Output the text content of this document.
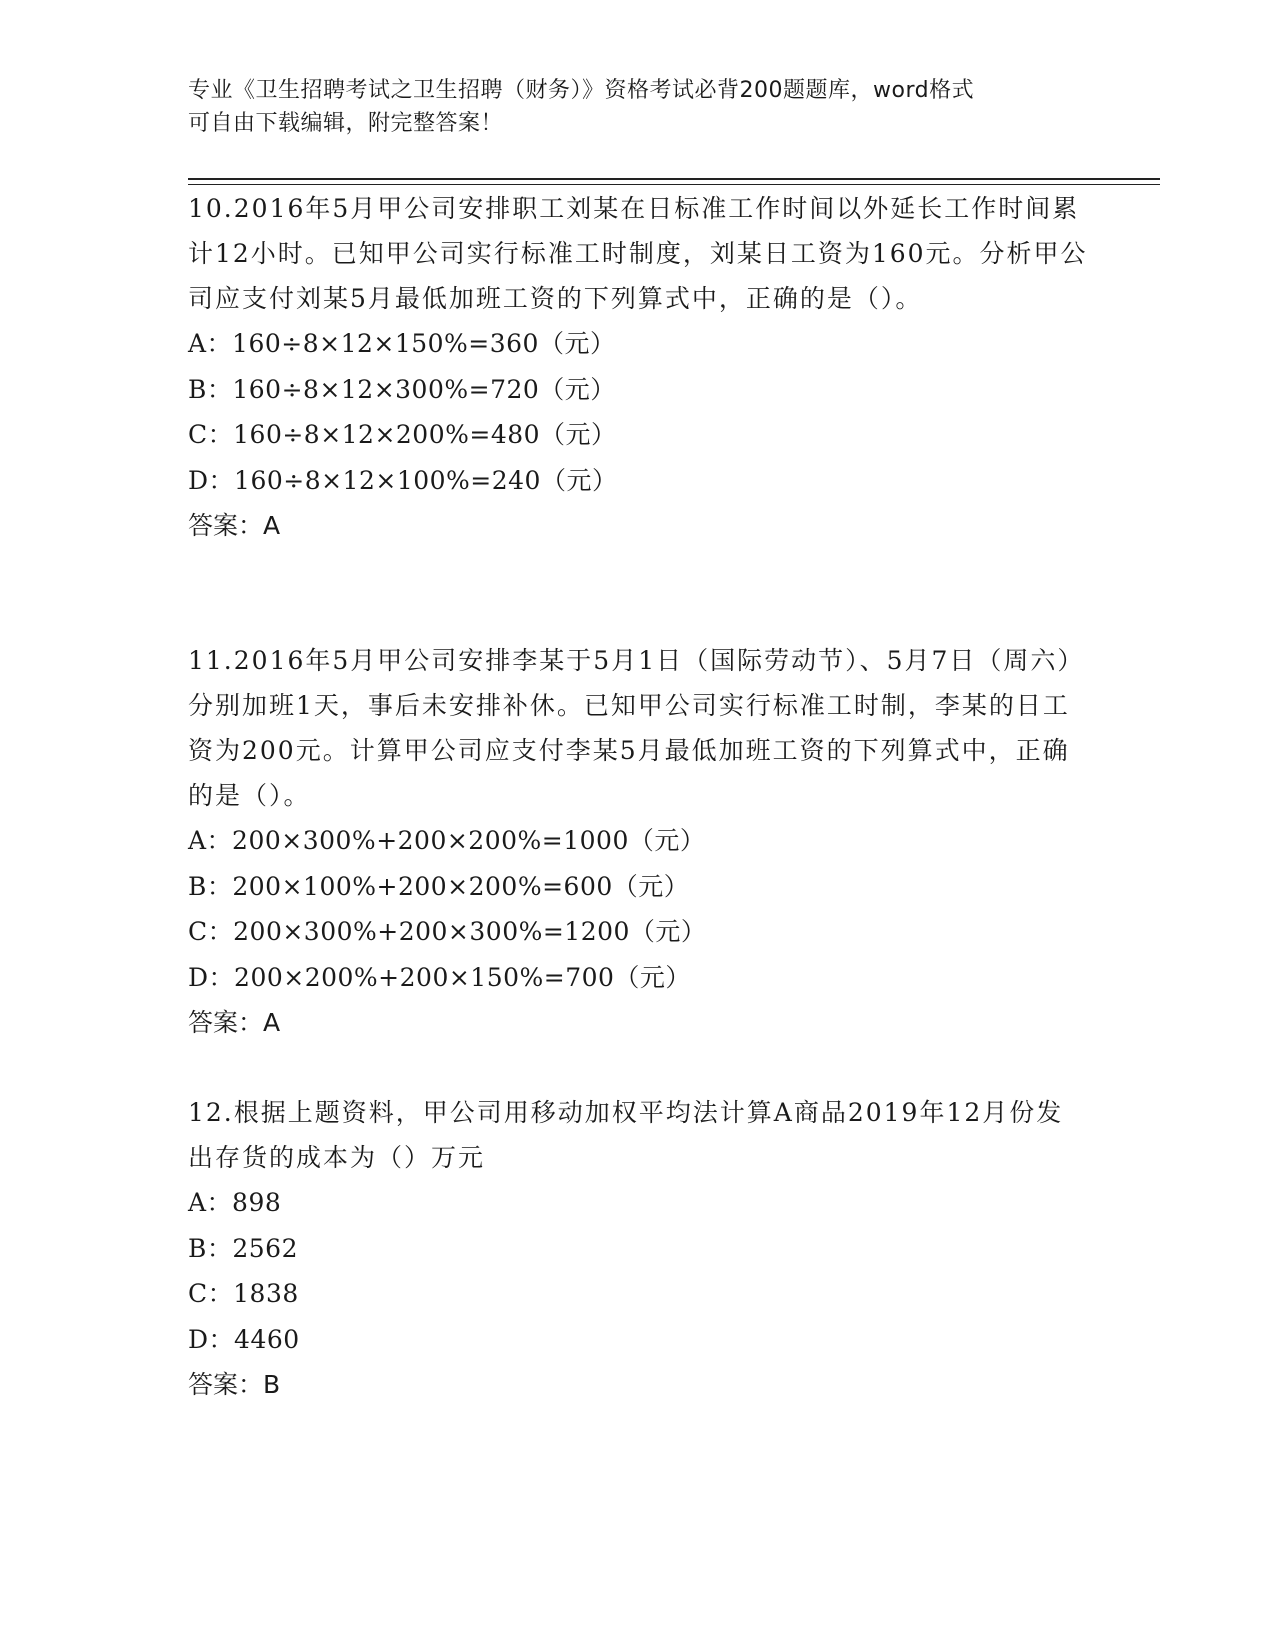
专业《卫生招聘考试之卫生招聘（财务）》资格考试必背200题题库，word格式
可自由下载编辑，附完整答案！

10.2016年5月甲公司安排职工刘某在日标准工作时间以外延长工作时间累计12小时。已知甲公司实行标准工时制度，刘某日工资为160元。分析甲公司应支付刘某5月最低加班工资的下列算式中，正确的是（）。

A：160÷8×12×150%=360（元）

B：160÷8×12×300%=720（元）

C：160÷8×12×200%=480（元）

D：160÷8×12×100%=240（元）

答案：A

11.2016年5月甲公司安排李某于5月1日（国际劳动节）、5月7日（周六）分别加班1天，事后未安排补休。已知甲公司实行标准工时制，李某的日工资为200元。计算甲公司应支付李某5月最低加班工资的下列算式中，正确的是（）。

A：200×300%+200×200%=1000（元）

B：200×100%+200×200%=600（元）

C：200×300%+200×300%=1200（元）

D：200×200%+200×150%=700（元）

答案：A

12.根据上题资料，甲公司用移动加权平均法计算A商品2019年12月份发出存货的成本为（）万元

A：898

B：2562

C：1838

D：4460

答案：B
